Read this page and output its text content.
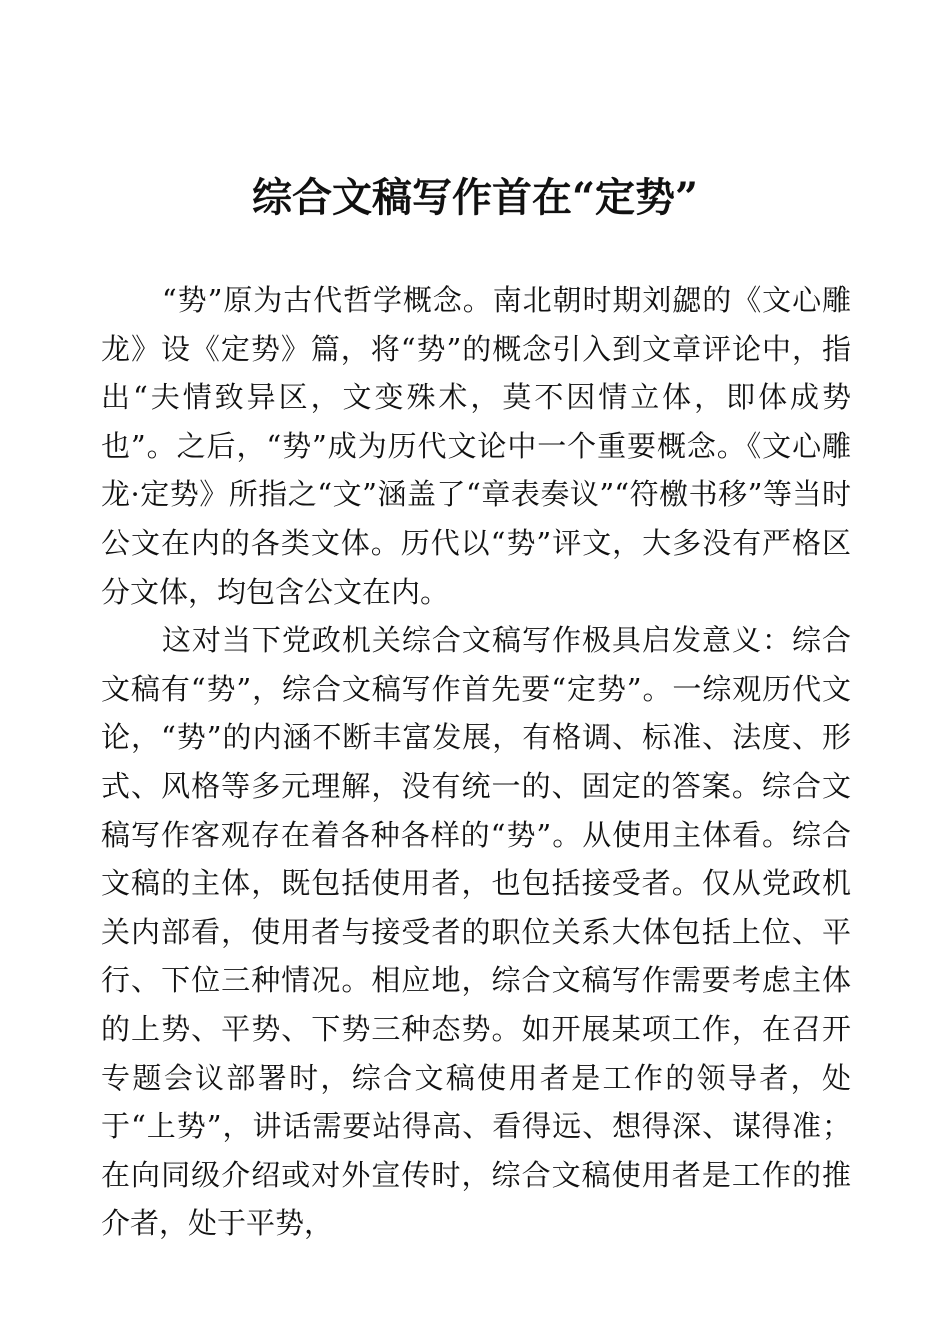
综合文稿写作首在“定势”

“势”原为古代哲学概念。南北朝时期刘勰的《文心雕龙》设《定势》篇，将“势”的概念引入到文章评论中，指出“夫情致异区，文变殊术，莫不因情立体，即体成势也”。之后，“势”成为历代文论中一个重要概念。《文心雕龙·定势》所指之“文”涵盖了“章表奏议”“符檄书移”等当时公文在内的各类文体。历代以“势”评文，大多没有严格区分文体，均包含公文在内。

这对当下党政机关综合文稿写作极具启发意义：综合文稿有“势”，综合文稿写作首先要“定势”。一综观历代文论，“势”的内涵不断丰富发展，有格调、标准、法度、形式、风格等多元理解，没有统一的、固定的答案。综合文稿写作客观存在着各种各样的“势”。从使用主体看。综合文稿的主体，既包括使用者，也包括接受者。仅从党政机关内部看，使用者与接受者的职位关系大体包括上位、平行、下位三种情况。相应地，综合文稿写作需要考虑主体的上势、平势、下势三种态势。如开展某项工作，在召开专题会议部署时，综合文稿使用者是工作的领导者，处于“上势”，讲话需要站得高、看得远、想得深、谋得准；在向同级介绍或对外宣传时，综合文稿使用者是工作的推介者，处于平势，
